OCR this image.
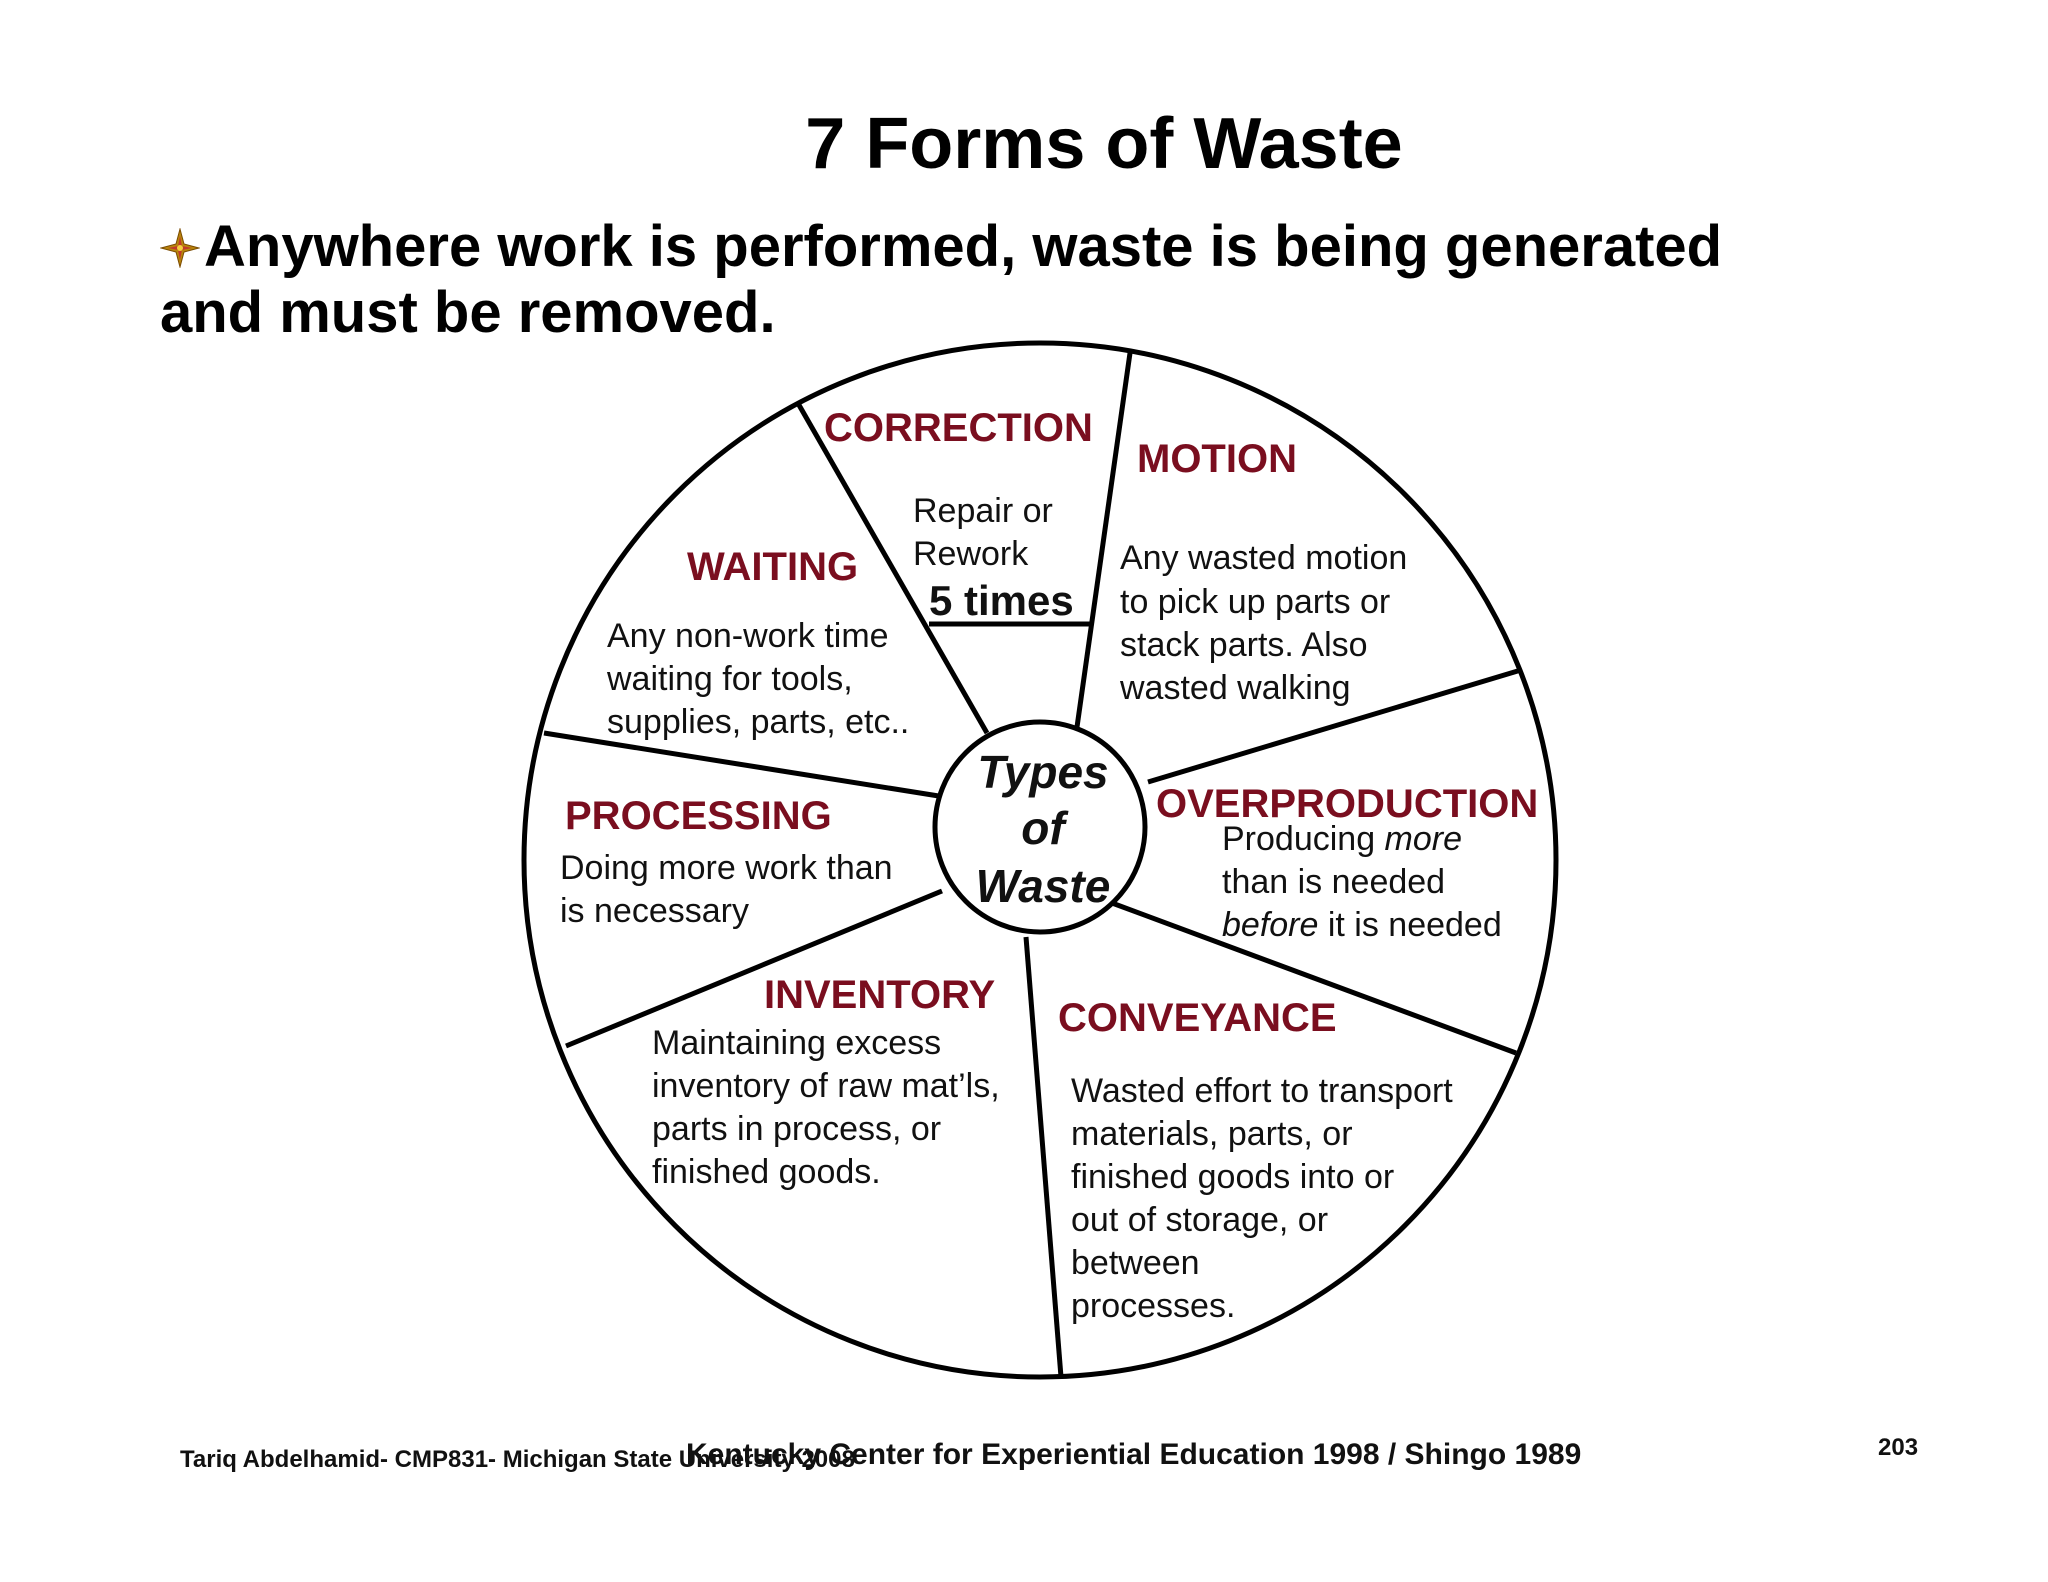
7 Forms of Waste
Anywhere work is performed, waste is being generated
and must be removed.
Types
of
Waste
CORRECTION
Repair or
Rework
5 times
MOTION
Any wasted motion
to pick up parts or
stack parts. Also
wasted walking
OVERPRODUCTION
Producing more
than is needed
before it is needed
CONVEYANCE
Wasted effort to transport
materials, parts, or
finished goods into or
out of storage, or
between
processes.
INVENTORY
Maintaining excess
inventory of raw mat’ls,
parts in process, or
finished goods.
PROCESSING
Doing more work than
is necessary
WAITING
Any non-work time
waiting for tools,
supplies, parts, etc..
Tariq Abdelhamid- CMP831- Michigan State University 2008
Kentucky Center for Experiential Education 1998 / Shingo 1989	203
